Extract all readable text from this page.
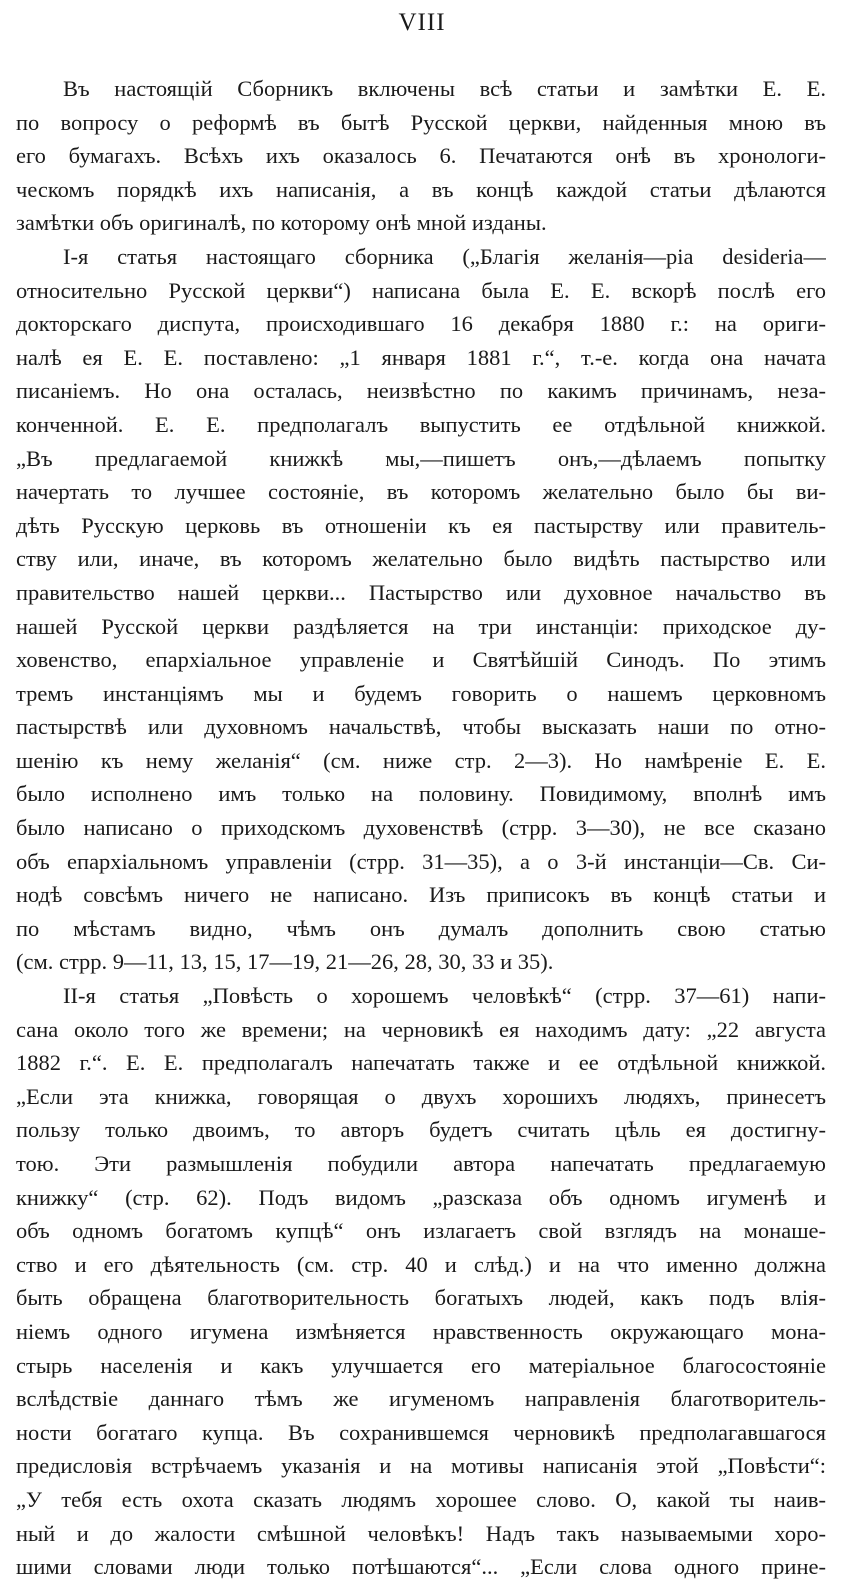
VIII
Въ настоящій Сборникъ включены всѣ статьи и замѣтки Е. Е.
по вопросу о реформѣ въ бытѣ Русской церкви, найденныя мною въ
его бумагахъ. Всѣхъ ихъ оказалось 6. Печатаются онѣ въ хронологи-
ческомъ порядкѣ ихъ написанія, а въ концѣ каждой статьи дѣлаются
замѣтки объ оригиналѣ, по которому онѣ мной изданы.
І-я статья настоящаго сборника („Благія желанія—pia desideria—
относительно Русской церкви“) написана была Е. Е. вскорѣ послѣ его
докторскаго диспута, происходившаго 16 декабря 1880 г.: на ориги-
налѣ ея Е. Е. поставлено: „1 января 1881 г.“, т.-е. когда она начата
писаніемъ. Но она осталась, неизвѣстно по какимъ причинамъ, неза-
конченной. Е. Е. предполагалъ выпустить ее отдѣльной книжкой.
„Въ предлагаемой книжкѣ мы,—пишетъ онъ,—дѣлаемъ попытку
начертать то лучшее состояніе, въ которомъ желательно было бы ви-
дѣть Русскую церковь въ отношеніи къ ея пастырству или правитель-
ству или, иначе, въ которомъ желательно было видѣть пастырство или
правительство нашей церкви... Пастырство или духовное начальство въ
нашей Русской церкви раздѣляется на три инстанціи: приходское ду-
ховенство, епархіальное управленіе и Святѣйшій Синодъ. По этимъ
тремъ инстанціямъ мы и будемъ говорить о нашемъ церковномъ
пастырствѣ или духовномъ начальствѣ, чтобы высказать наши по отно-
шенію къ нему желанія“ (см. ниже стр. 2—3). Но намѣреніе Е. Е.
было исполнено имъ только на половину. Повидимому, вполнѣ имъ
было написано о приходскомъ духовенствѣ (стрр. 3—30), не все сказано
объ епархіальномъ управленіи (стрр. 31—35), а о 3-й инстанціи—Св. Си-
нодѣ совсѣмъ ничего не написано. Изъ приписокъ въ концѣ статьи и
по мѣстамъ видно, чѣмъ онъ думалъ дополнить свою статью
(см. стрр. 9—11, 13, 15, 17—19, 21—26, 28, 30, 33 и 35).
ІІ-я статья „Повѣсть о хорошемъ человѣкѣ“ (стрр. 37—61) напи-
сана около того же времени; на черновикѣ ея находимъ дату: „22 августа
1882 г.“. Е. Е. предполагалъ напечатать также и ее отдѣльной книжкой.
„Если эта книжка, говорящая о двухъ хорошихъ людяхъ, принесетъ
пользу только двоимъ, то авторъ будетъ считать цѣль ея достигну-
тою. Эти размышленія побудили автора напечатать предлагаемую
книжку“ (стр. 62). Подъ видомъ „разсказа объ одномъ игуменѣ и
объ одномъ богатомъ купцѣ“ онъ излагаетъ свой взглядъ на монаше-
ство и его дѣятельность (см. стр. 40 и слѣд.) и на что именно должна
быть обращена благотворительность богатыхъ людей, какъ подъ влія-
ніемъ одного игумена измѣняется нравственность окружающаго мона-
стырь населенія и какъ улучшается его матеріальное благосостояніе
вслѣдствіе даннаго тѣмъ же игуменомъ направленія благотворитель-
ности богатаго купца. Въ сохранившемся черновикѣ предполагавшагося
предисловія встрѣчаемъ указанія и на мотивы написанія этой „Повѣсти“:
„У тебя есть охота сказать людямъ хорошее слово. О, какой ты наив-
ный и до жалости смѣшной человѣкъ! Надъ такъ называемыми хоро-
шими словами люди только потѣшаются“... „Если слова одного прине-
